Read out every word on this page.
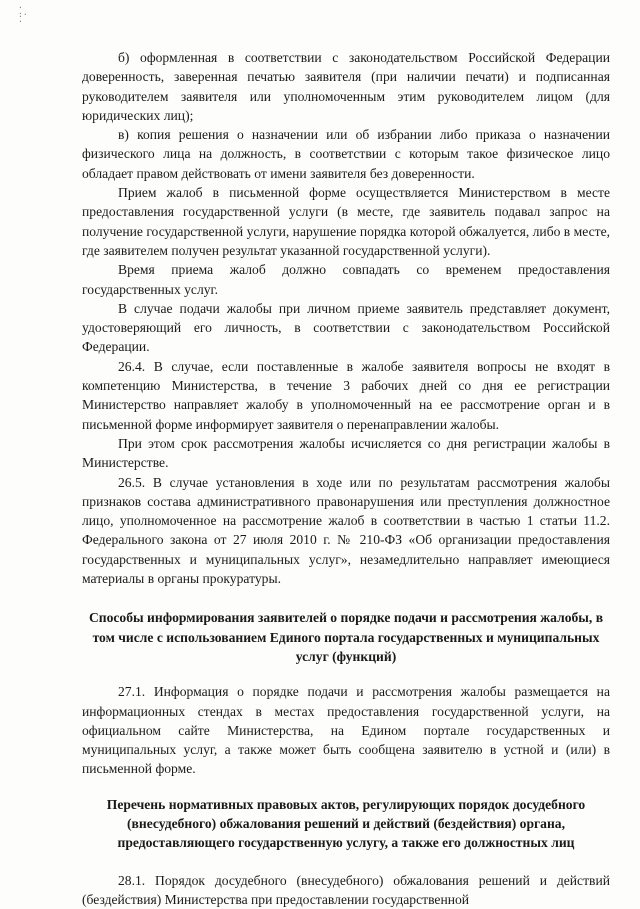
·
:·
·

б) оформленная в соответствии с законодательством Российской Федерации доверенность, заверенная печатью заявителя (при наличии печати) и подписанная руководителем заявителя или уполномоченным этим руководителем лицом (для юридических лиц);

в) копия решения о назначении или об избрании либо приказа о назначении физического лица на должность, в соответствии с которым такое физическое лицо обладает правом действовать от имени заявителя без доверенности.

Прием жалоб в письменной форме осуществляется Министерством в месте предоставления государственной услуги (в месте, где заявитель подавал запрос на получение государственной услуги, нарушение порядка которой обжалуется, либо в месте, где заявителем получен результат указанной государственной услуги).

Время приема жалоб должно совпадать со временем предоставления государственных услуг.

В случае подачи жалобы при личном приеме заявитель представляет документ, удостоверяющий его личность, в соответствии с законодательством Российской Федерации.

26.4. В случае, если поставленные в жалобе заявителя вопросы не входят в компетенцию Министерства, в течение 3 рабочих дней со дня ее регистрации Министерство направляет жалобу в уполномоченный на ее рассмотрение орган и в письменной форме информирует заявителя о перенаправлении жалобы.

При этом срок рассмотрения жалобы исчисляется со дня регистрации жалобы в Министерстве.

26.5. В случае установления в ходе или по результатам рассмотрения жалобы признаков состава административного правонарушения или преступления должностное лицо, уполномоченное на рассмотрение жалоб в соответствии в частью 1 статьи 11.2. Федерального закона от 27 июля 2010 г. № 210-ФЗ «Об организации предоставления государственных и муниципальных услуг», незамедлительно направляет имеющиеся материалы в органы прокуратуры.

Способы информирования заявителей о порядке подачи и рассмотрения жалобы, в том числе с использованием Единого портала государственных и муниципальных услуг (функций)

27.1. Информация о порядке подачи и рассмотрения жалобы размещается на информационных стендах в местах предоставления государственной услуги, на официальном сайте Министерства, на Едином портале государственных и муниципальных услуг, а также может быть сообщена заявителю в устной и (или) в письменной форме.

Перечень нормативных правовых актов, регулирующих порядок досудебного (внесудебного) обжалования решений и действий (бездействия) органа, предоставляющего государственную услугу, а также его должностных лиц

28.1. Порядок досудебного (внесудебного) обжалования решений и действий (бездействия) Министерства при предоставлении государственной
